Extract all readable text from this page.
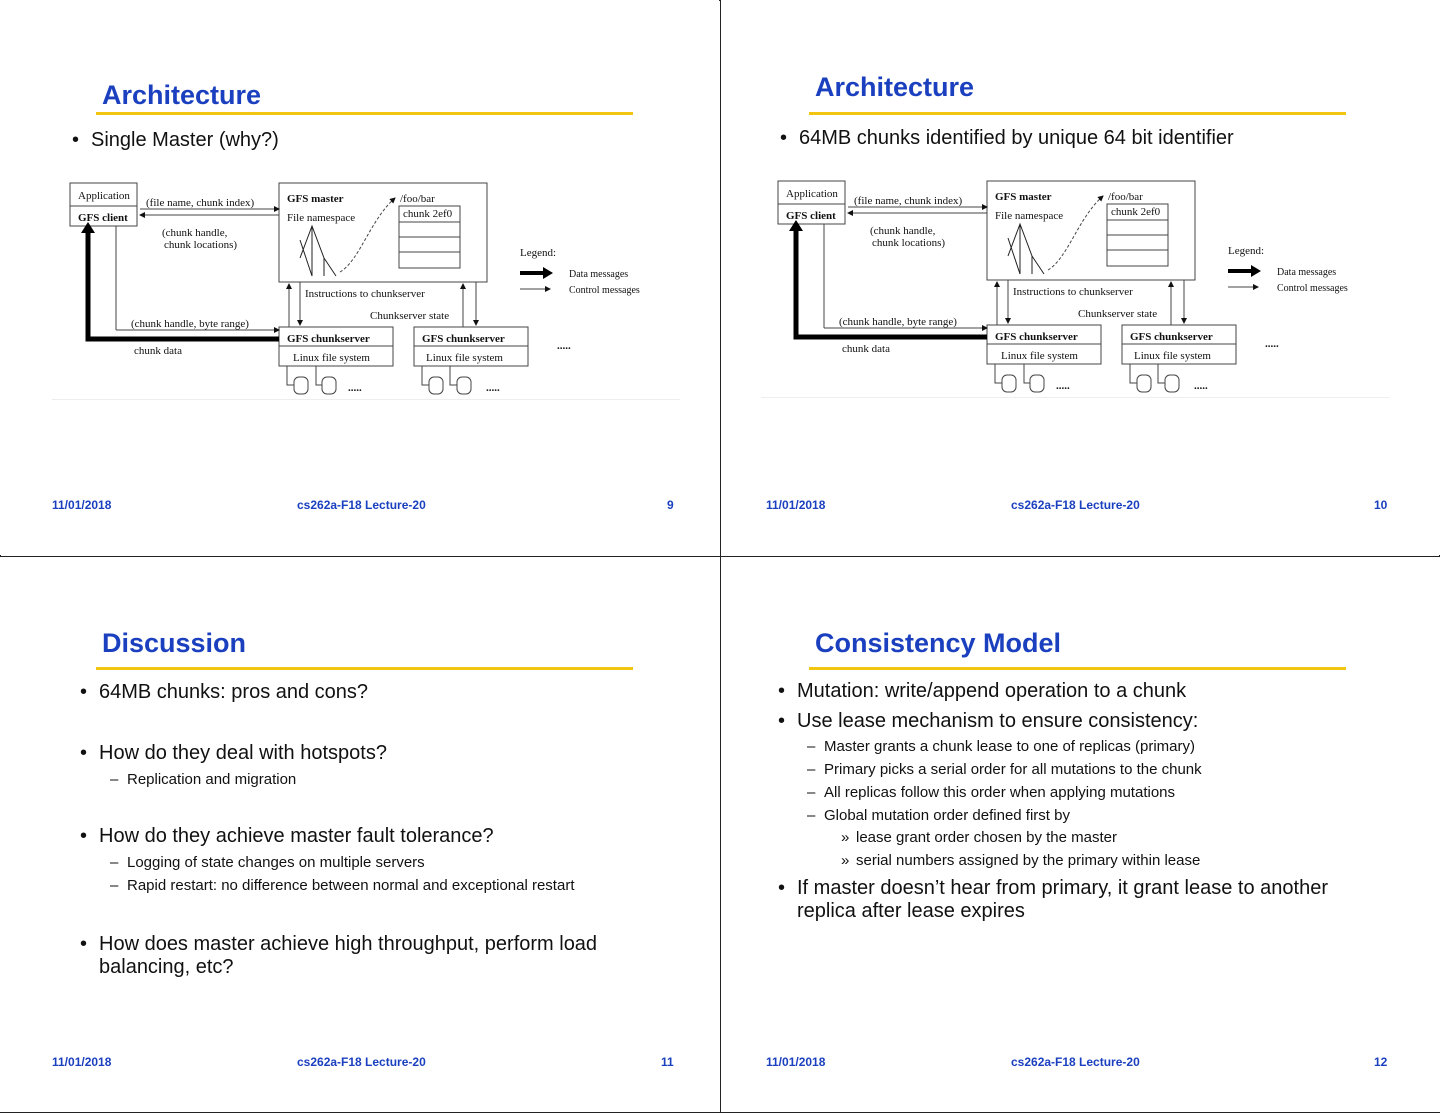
Architecture
• Single Master (why?)
Application
GFS client
(file name, chunk index)
(chunk handle,
chunk locations)
GFS master
File namespace
/foo/bar
chunk 2ef0
Legend:
Data messages
Control messages
Instructions to chunkserver
Chunkserver state
(chunk handle, byte range)
chunk data
GFS chunkserver	GFS chunkserver
Linux file system	Linux file system
.....	.....
.....
11/01/2018	cs262a-F18 Lecture-20	9
Architecture
• 64MB chunks identified by unique 64 bit identifier
Application
GFS client
(file name, chunk index)
(chunk handle,
chunk locations)
GFS master
File namespace
/foo/bar
chunk 2ef0
Legend:
Data messages
Control messages
Instructions to chunkserver
Chunkserver state
(chunk handle, byte range)
chunk data
GFS chunkserver	GFS chunkserver
Linux file system	Linux file system
.....	.....
.....
11/01/2018	cs262a-F18 Lecture-20	10
Discussion
• 64MB chunks: pros and cons?
• How do they deal with hotspots?
– Replication and migration
• How do they achieve master fault tolerance?
– Logging of state changes on multiple servers
– Rapid restart: no difference between normal and exceptional restart
• How does master achieve high throughput, perform load balancing, etc?
11/01/2018	cs262a-F18 Lecture-20	11
Consistency Model
• Mutation: write/append operation to a chunk
• Use lease mechanism to ensure consistency:
– Master grants a chunk lease to one of replicas (primary)
– Primary picks a serial order for all mutations to the chunk
– All replicas follow this order when applying mutations
– Global mutation order defined first by
» lease grant order chosen by the master
» serial numbers assigned by the primary within lease
• If master doesn’t hear from primary, it grant lease to another replica after lease expires
11/01/2018	cs262a-F18 Lecture-20	12
